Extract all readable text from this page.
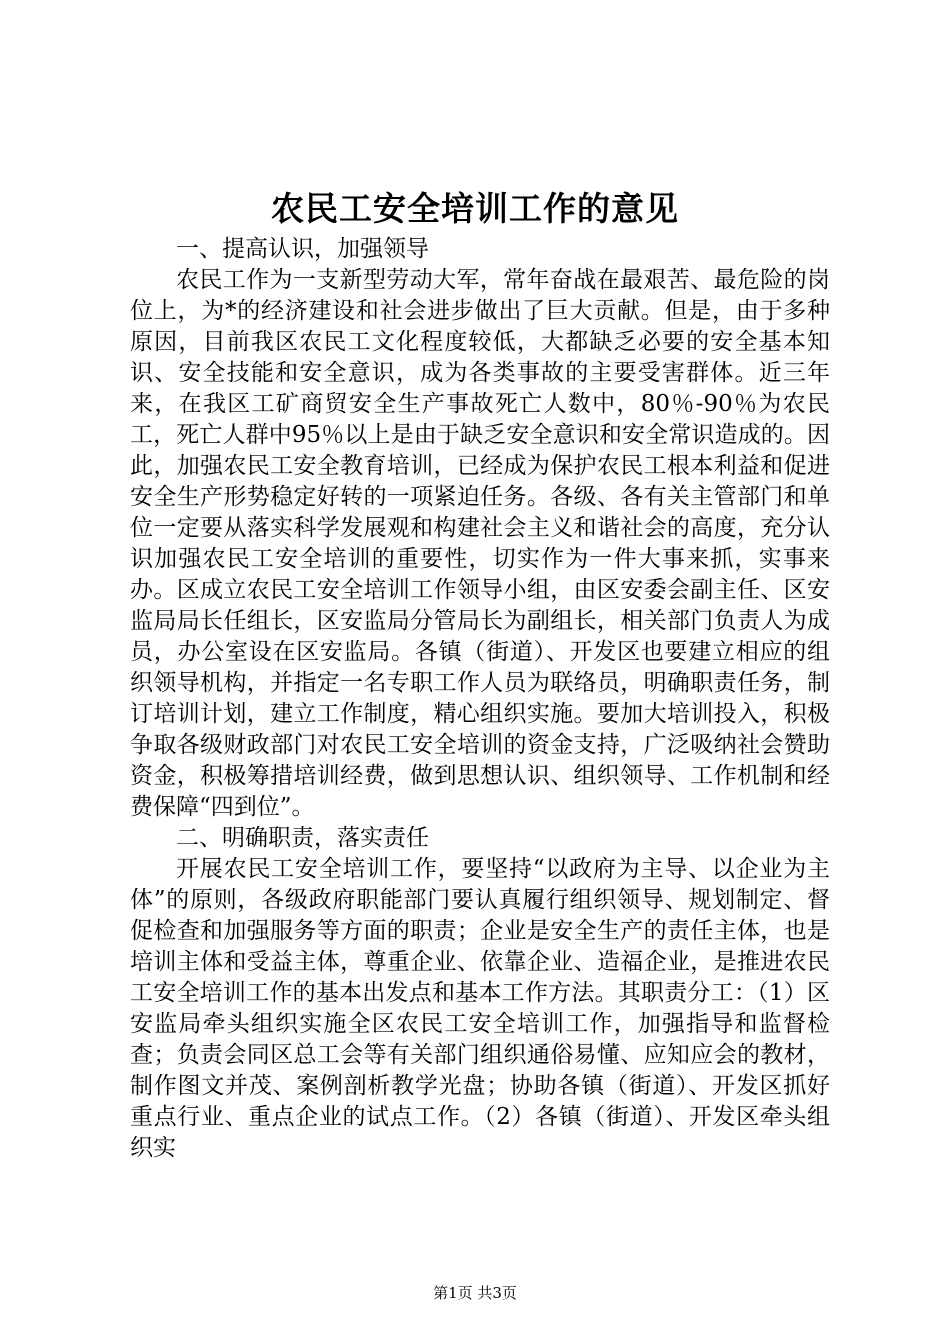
农民工安全培训工作的意见

一、提高认识，加强领导

农民工作为一支新型劳动大军，常年奋战在最艰苦、最危险的岗位上，为*的经济建设和社会进步做出了巨大贡献。但是，由于多种原因，目前我区农民工文化程度较低，大都缺乏必要的安全基本知识、安全技能和安全意识，成为各类事故的主要受害群体。近三年来，在我区工矿商贸安全生产事故死亡人数中，80％-90％为农民工，死亡人群中95％以上是由于缺乏安全意识和安全常识造成的。因此，加强农民工安全教育培训，已经成为保护农民工根本利益和促进安全生产形势稳定好转的一项紧迫任务。各级、各有关主管部门和单位一定要从落实科学发展观和构建社会主义和谐社会的高度，充分认识加强农民工安全培训的重要性，切实作为一件大事来抓，实事来办。区成立农民工安全培训工作领导小组，由区安委会副主任、区安监局局长任组长，区安监局分管局长为副组长，相关部门负责人为成员，办公室设在区安监局。各镇（街道）、开发区也要建立相应的组织领导机构，并指定一名专职工作人员为联络员，明确职责任务，制订培训计划，建立工作制度，精心组织实施。要加大培训投入，积极争取各级财政部门对农民工安全培训的资金支持，广泛吸纳社会赞助资金，积极筹措培训经费，做到思想认识、组织领导、工作机制和经费保障“四到位”。

二、明确职责，落实责任

开展农民工安全培训工作，要坚持“以政府为主导、以企业为主体”的原则，各级政府职能部门要认真履行组织领导、规划制定、督促检查和加强服务等方面的职责；企业是安全生产的责任主体，也是培训主体和受益主体，尊重企业、依靠企业、造福企业，是推进农民工安全培训工作的基本出发点和基本工作方法。其职责分工：（1）区安监局牵头组织实施全区农民工安全培训工作，加强指导和监督检查；负责会同区总工会等有关部门组织通俗易懂、应知应会的教材，制作图文并茂、案例剖析教学光盘；协助各镇（街道）、开发区抓好重点行业、重点企业的试点工作。（2）各镇（街道）、开发区牵头组织实

第1页 共3页
